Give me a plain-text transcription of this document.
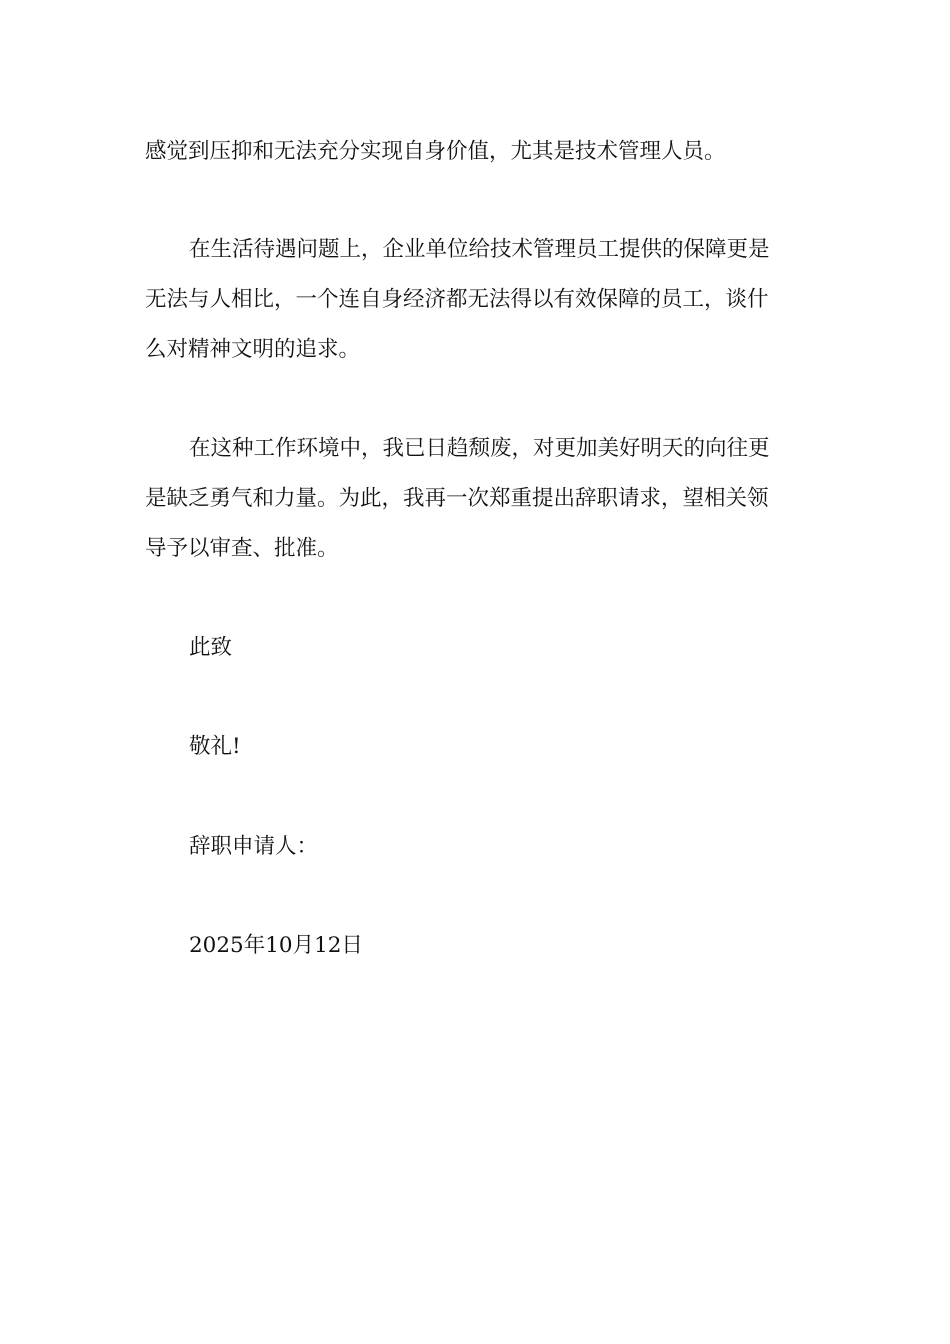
感觉到压抑和无法充分实现自身价值，尤其是技术管理人员。
在生活待遇问题上，企业单位给技术管理员工提供的保障更是
无法与人相比，一个连自身经济都无法得以有效保障的员工，谈什
么对精神文明的追求。
在这种工作环境中，我已日趋颓废，对更加美好明天的向往更
是缺乏勇气和力量。为此，我再一次郑重提出辞职请求，望相关领
导予以审查、批准。
此致
敬礼!
辞职申请人：
2025年10月12日
